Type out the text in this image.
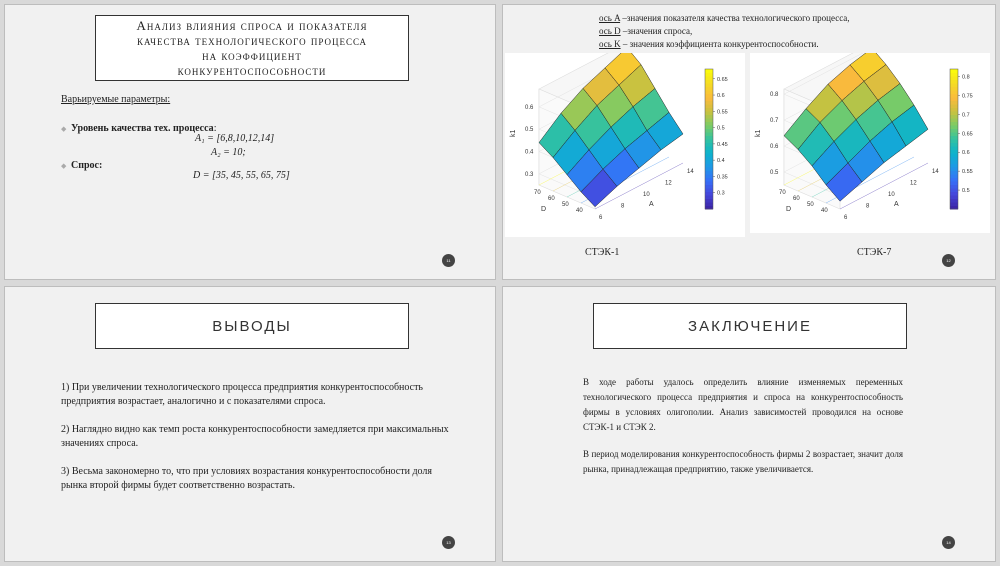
Анализ влияния спроса и показателя
качества технологического процесса
на коэффициент
конкурентоспособности
Варьируемые параметры:
◆ Уровень качества тех. процесса:
A₁ = [6,8,10,12,14]
A₂ = 10;
◆ Спрос:
D = [35, 45, 55, 65, 75]
11
ось A –значения показателя качества технологического процесса,
ось D –значения спроса,
ось K – значения коэффициента конкурентоспособности.
6
8
10
12
14
40
50
60
70
0.3
0.4
0.5
0.6
A
D
k1
0.3
0.35
0.4
0.45
0.5
0.55
0.6
0.65
6
8
10
12
14
40
50
60
70
0.5
0.6
0.7
0.8
A
D
k1
0.5
0.55
0.6
0.65
0.7
0.75
0.8
СТЭК-1	СТЭК-7
12
ВЫВОДЫ
1) При увеличении технологического процесса предприятия конкурентоспособность предприятия возрастает, аналогично и с показателями спроса.
2) Наглядно видно как темп роста конкурентоспособности замедляется при максимальных значениях спроса.
3) Весьма закономерно то, что при условиях возрастания конкурентоспособности доля рынка второй фирмы будет соответственно возрастать.
13
ЗАКЛЮЧЕНИЕ
В ходе работы удалось определить влияние изменяемых переменных технологического процесса предприятия и спроса на конкурентоспособность фирмы в условиях олигополии. Анализ зависимостей проводился на основе СТЭК-1 и СТЭК 2.
В период моделирования конкурентоспособность фирмы 2 возрастает, значит доля рынка, принадлежащая предприятию, также увеличивается.
14
